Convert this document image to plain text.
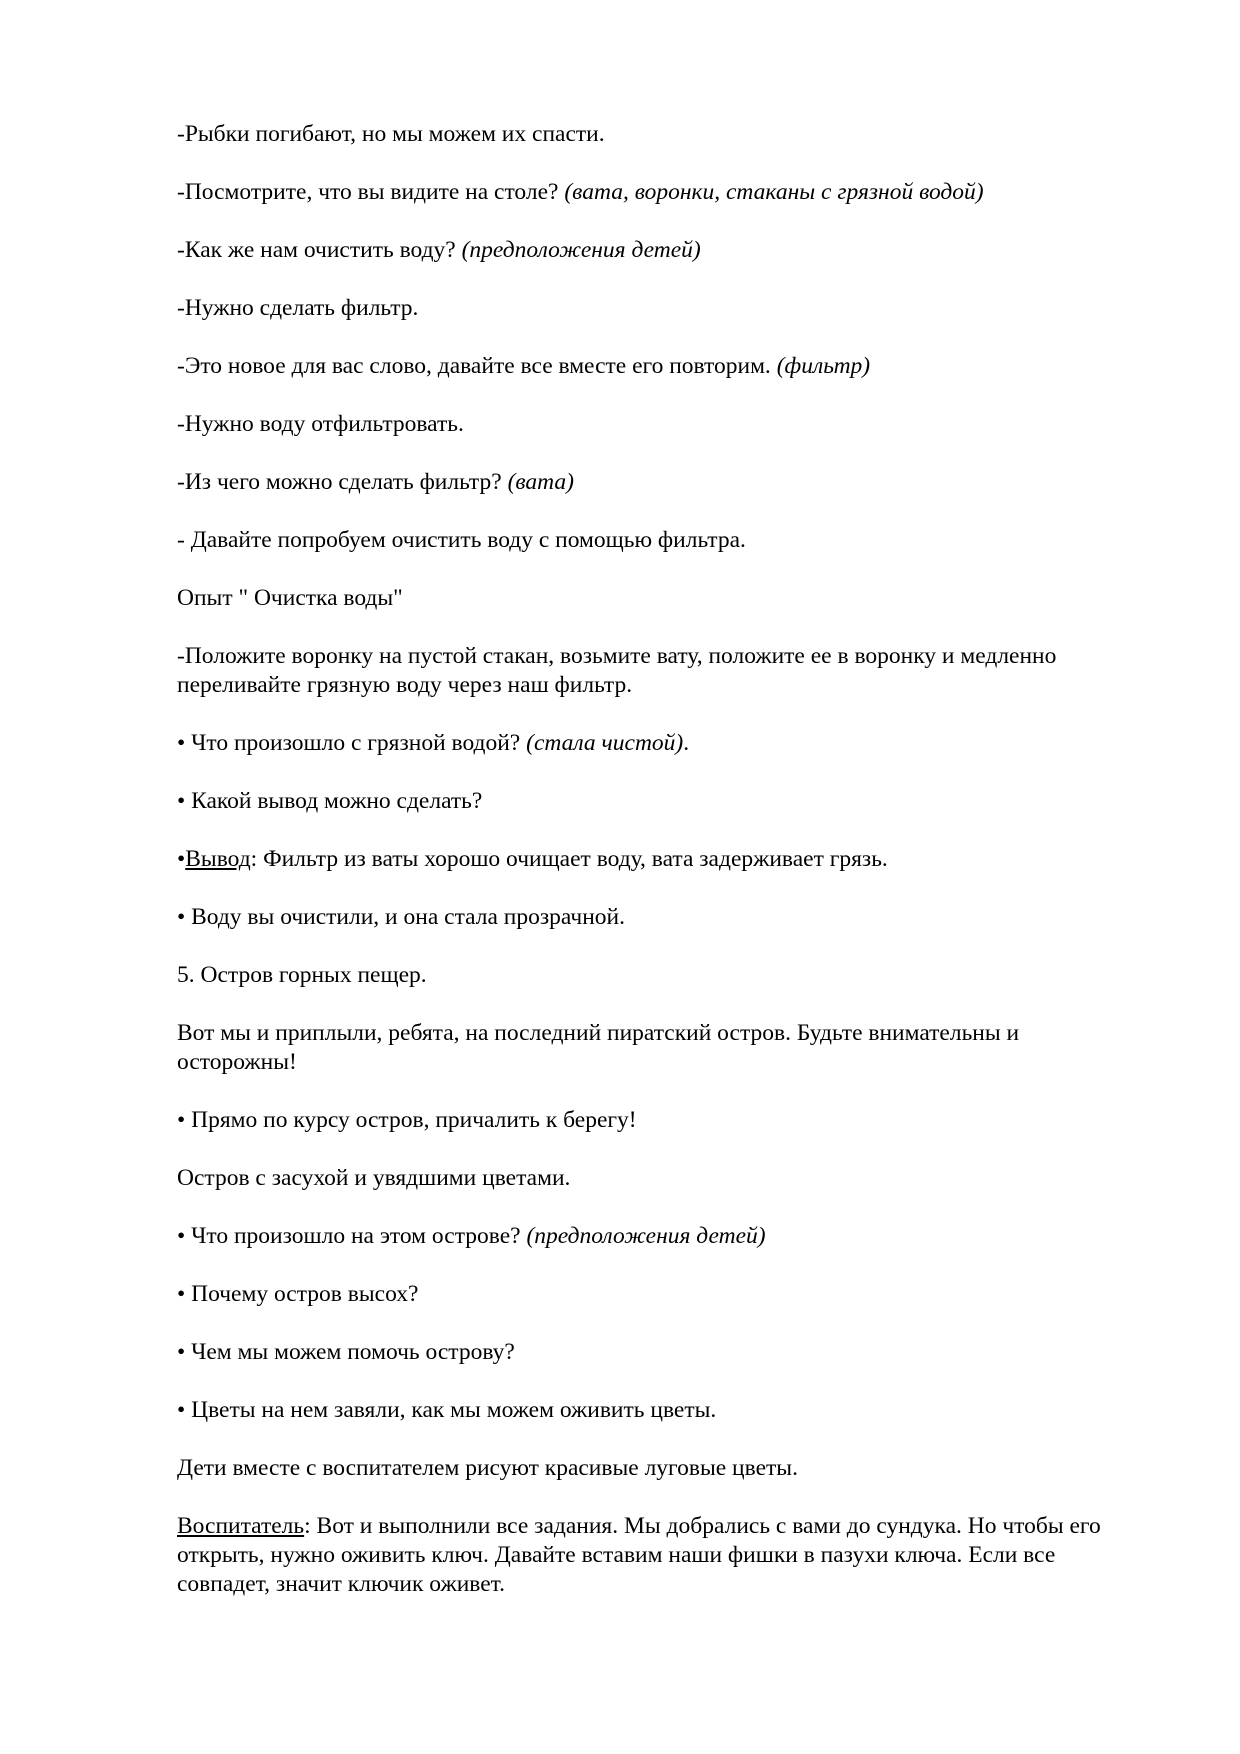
-Рыбки погибают, но мы можем их спасти.

-Посмотрите, что вы видите на столе? (вата, воронки, стаканы с грязной водой)

-Как же нам очистить воду? (предположения детей)

-Нужно сделать фильтр.

-Это новое для вас слово, давайте все вместе его повторим. (фильтр)

-Нужно воду отфильтровать.

-Из чего можно сделать фильтр? (вата)

- Давайте попробуем очистить воду с помощью фильтра.

Опыт " Очистка воды"

-Положите воронку на пустой стакан, возьмите вату, положите ее в воронку и медленно переливайте грязную воду через наш фильтр.

• Что произошло с грязной водой? (стала чистой).

• Какой вывод можно сделать?

•Вывод: Фильтр из ваты хорошо очищает воду, вата задерживает грязь.

• Воду вы очистили, и она стала прозрачной.

5. Остров горных пещер.

Вот мы и приплыли, ребята, на последний пиратский остров. Будьте внимательны и осторожны!

• Прямо по курсу остров, причалить к берегу!

Остров с засухой и увядшими цветами.

• Что произошло на этом острове? (предположения детей)

• Почему остров высох?

• Чем мы можем помочь острову?

• Цветы на нем завяли, как мы можем оживить цветы.

Дети вместе с воспитателем рисуют красивые луговые цветы.

Воспитатель: Вот и выполнили все задания. Мы добрались с вами до сундука. Но чтобы его открыть, нужно оживить ключ. Давайте вставим наши фишки в пазухи ключа. Если все совпадет, значит ключик оживет.
